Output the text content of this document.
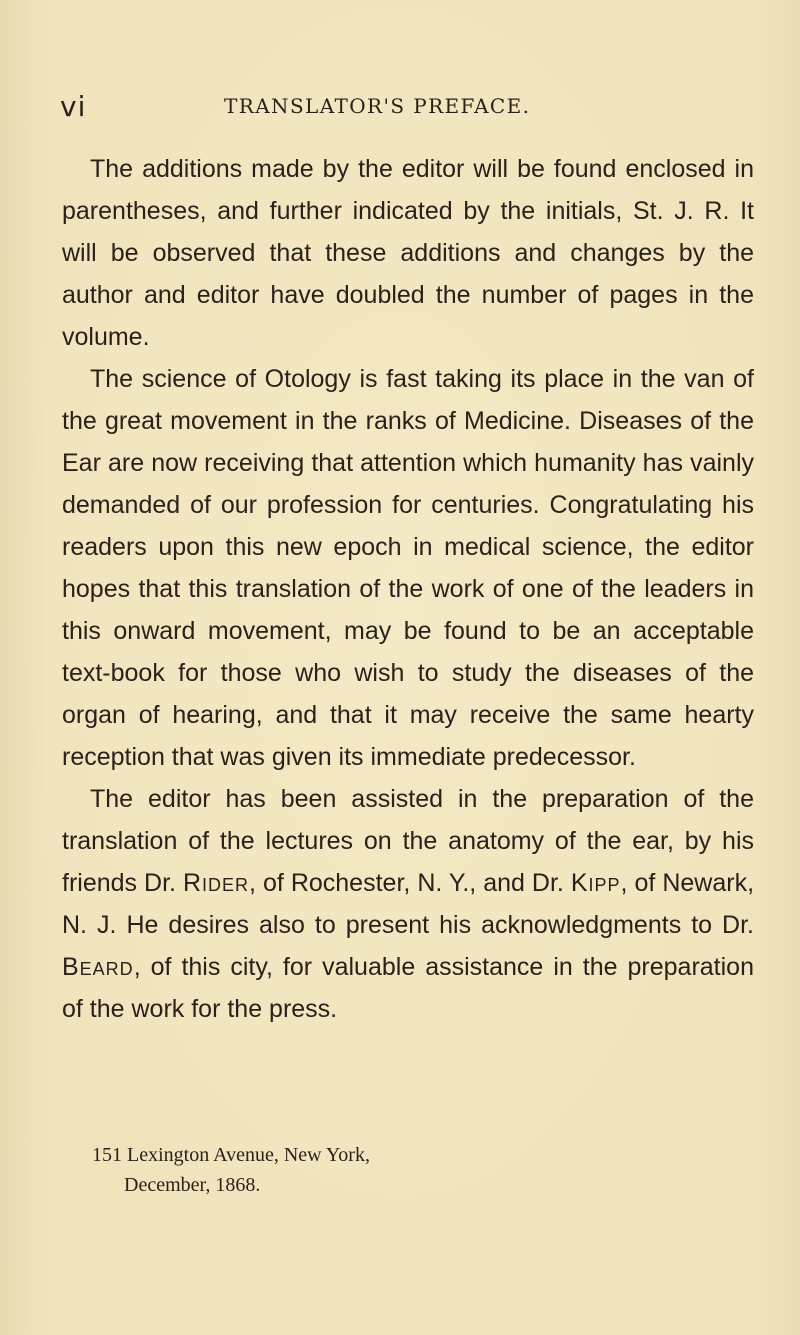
vi	TRANSLATOR'S PREFACE.

The additions made by the editor will be found enclosed in parentheses, and further indicated by the initials, St. J. R. It will be observed that these additions and changes by the author and editor have doubled the number of pages in the volume.

The science of Otology is fast taking its place in the van of the great movement in the ranks of Medicine. Diseases of the Ear are now receiving that attention which humanity has vainly demanded of our profession for centuries. Congratulating his readers upon this new epoch in medical science, the editor hopes that this translation of the work of one of the leaders in this onward movement, may be found to be an acceptable text-book for those who wish to study the diseases of the organ of hearing, and that it may receive the same hearty reception that was given its immediate predecessor.

The editor has been assisted in the preparation of the translation of the lectures on the anatomy of the ear, by his friends Dr. Rider, of Rochester, N. Y., and Dr. Kipp, of Newark, N. J. He desires also to present his acknowledgments to Dr. Beard, of this city, for valuable assistance in the preparation of the work for the press.

151 Lexington Avenue, New York,
December, 1868.
